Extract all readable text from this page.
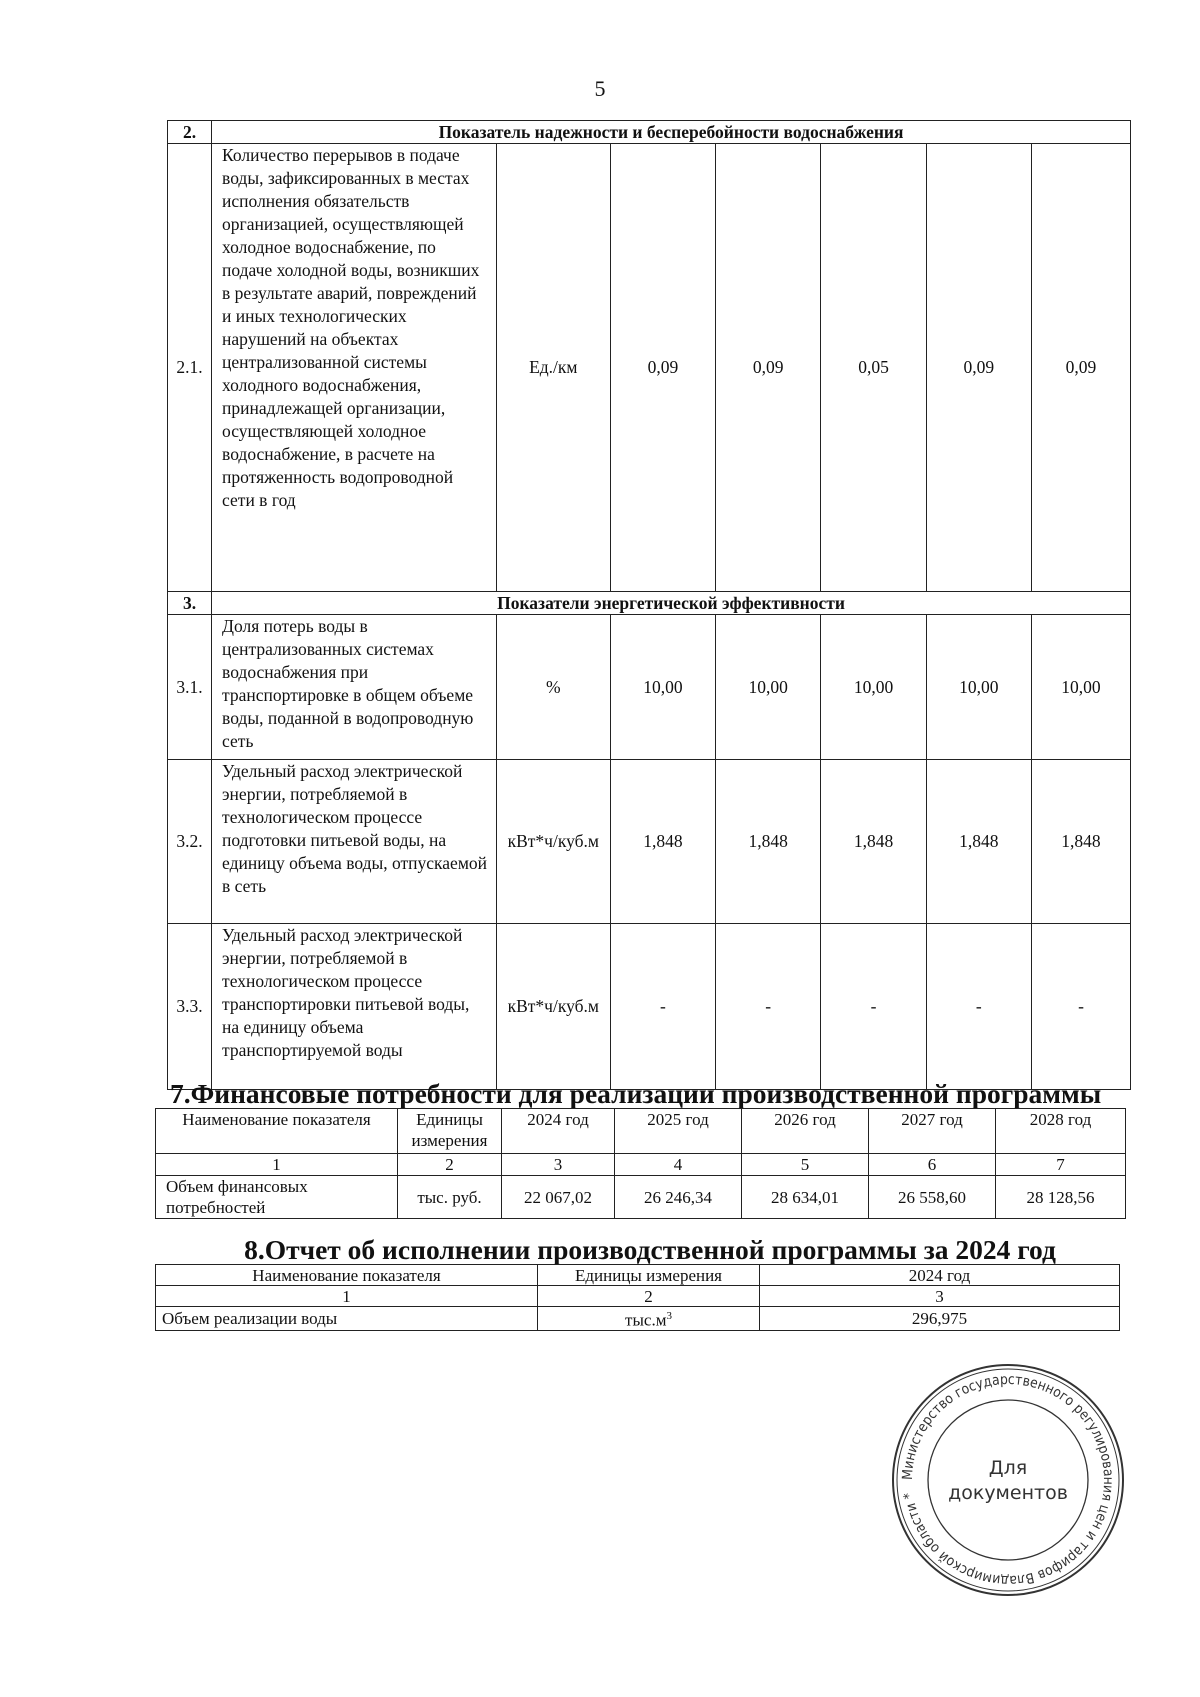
5
2.	Показатель надежности и бесперебойности водоснабжения						
2.1.	Количество перерывов в подаче воды, зафиксированных в местах исполнения обязательств организацией, осуществляющей холодное водоснабжение, по подаче холодной воды, возникших в результате аварий, повреждений и иных технологических нарушений на объектах централизованной системы холодного водоснабжения, принадлежащей организации, осуществляющей холодное водоснабжение, в расчете на протяженность водопроводной сети в год	Ед./км	0,09	0,09	0,05	0,09	0,09
3.	Показатели энергетической эффективности						
3.1.	Доля потерь воды в централизованных системах водоснабжения при транспортировке в общем объеме воды, поданной в водопроводную сеть	%	10,00	10,00	10,00	10,00	10,00
3.2.	Удельный расход электрической энергии, потребляемой в технологическом процессе подготовки питьевой воды, на единицу объема воды, отпускаемой в сеть	кВт*ч/куб.м	1,848	1,848	1,848	1,848	1,848
3.3.	Удельный расход электрической энергии, потребляемой в технологическом процессе транспортировки питьевой воды, на единицу объема транспортируемой воды	кВт*ч/куб.м	-	-	-	-	-
7.Финансовые потребности для реализации производственной программы
Наименование показателя	Единицы измерения	2024 год	2025 год	2026 год	2027 год	2028 год
1	2	3	4	5	6	7
Объем финансовых потребностей	тыс. руб.	22 067,02	26 246,34	28 634,01	26 558,60	28 128,56
8.Отчет об исполнении производственной программы за 2024 год
Наименование показателя	Единицы измерения	2024 год
1	2	3
Объем реализации воды	$тыс.м^3$	296,975
Министерство государственного регулирования цен и тарифов Владимирской области *
Для
документов
